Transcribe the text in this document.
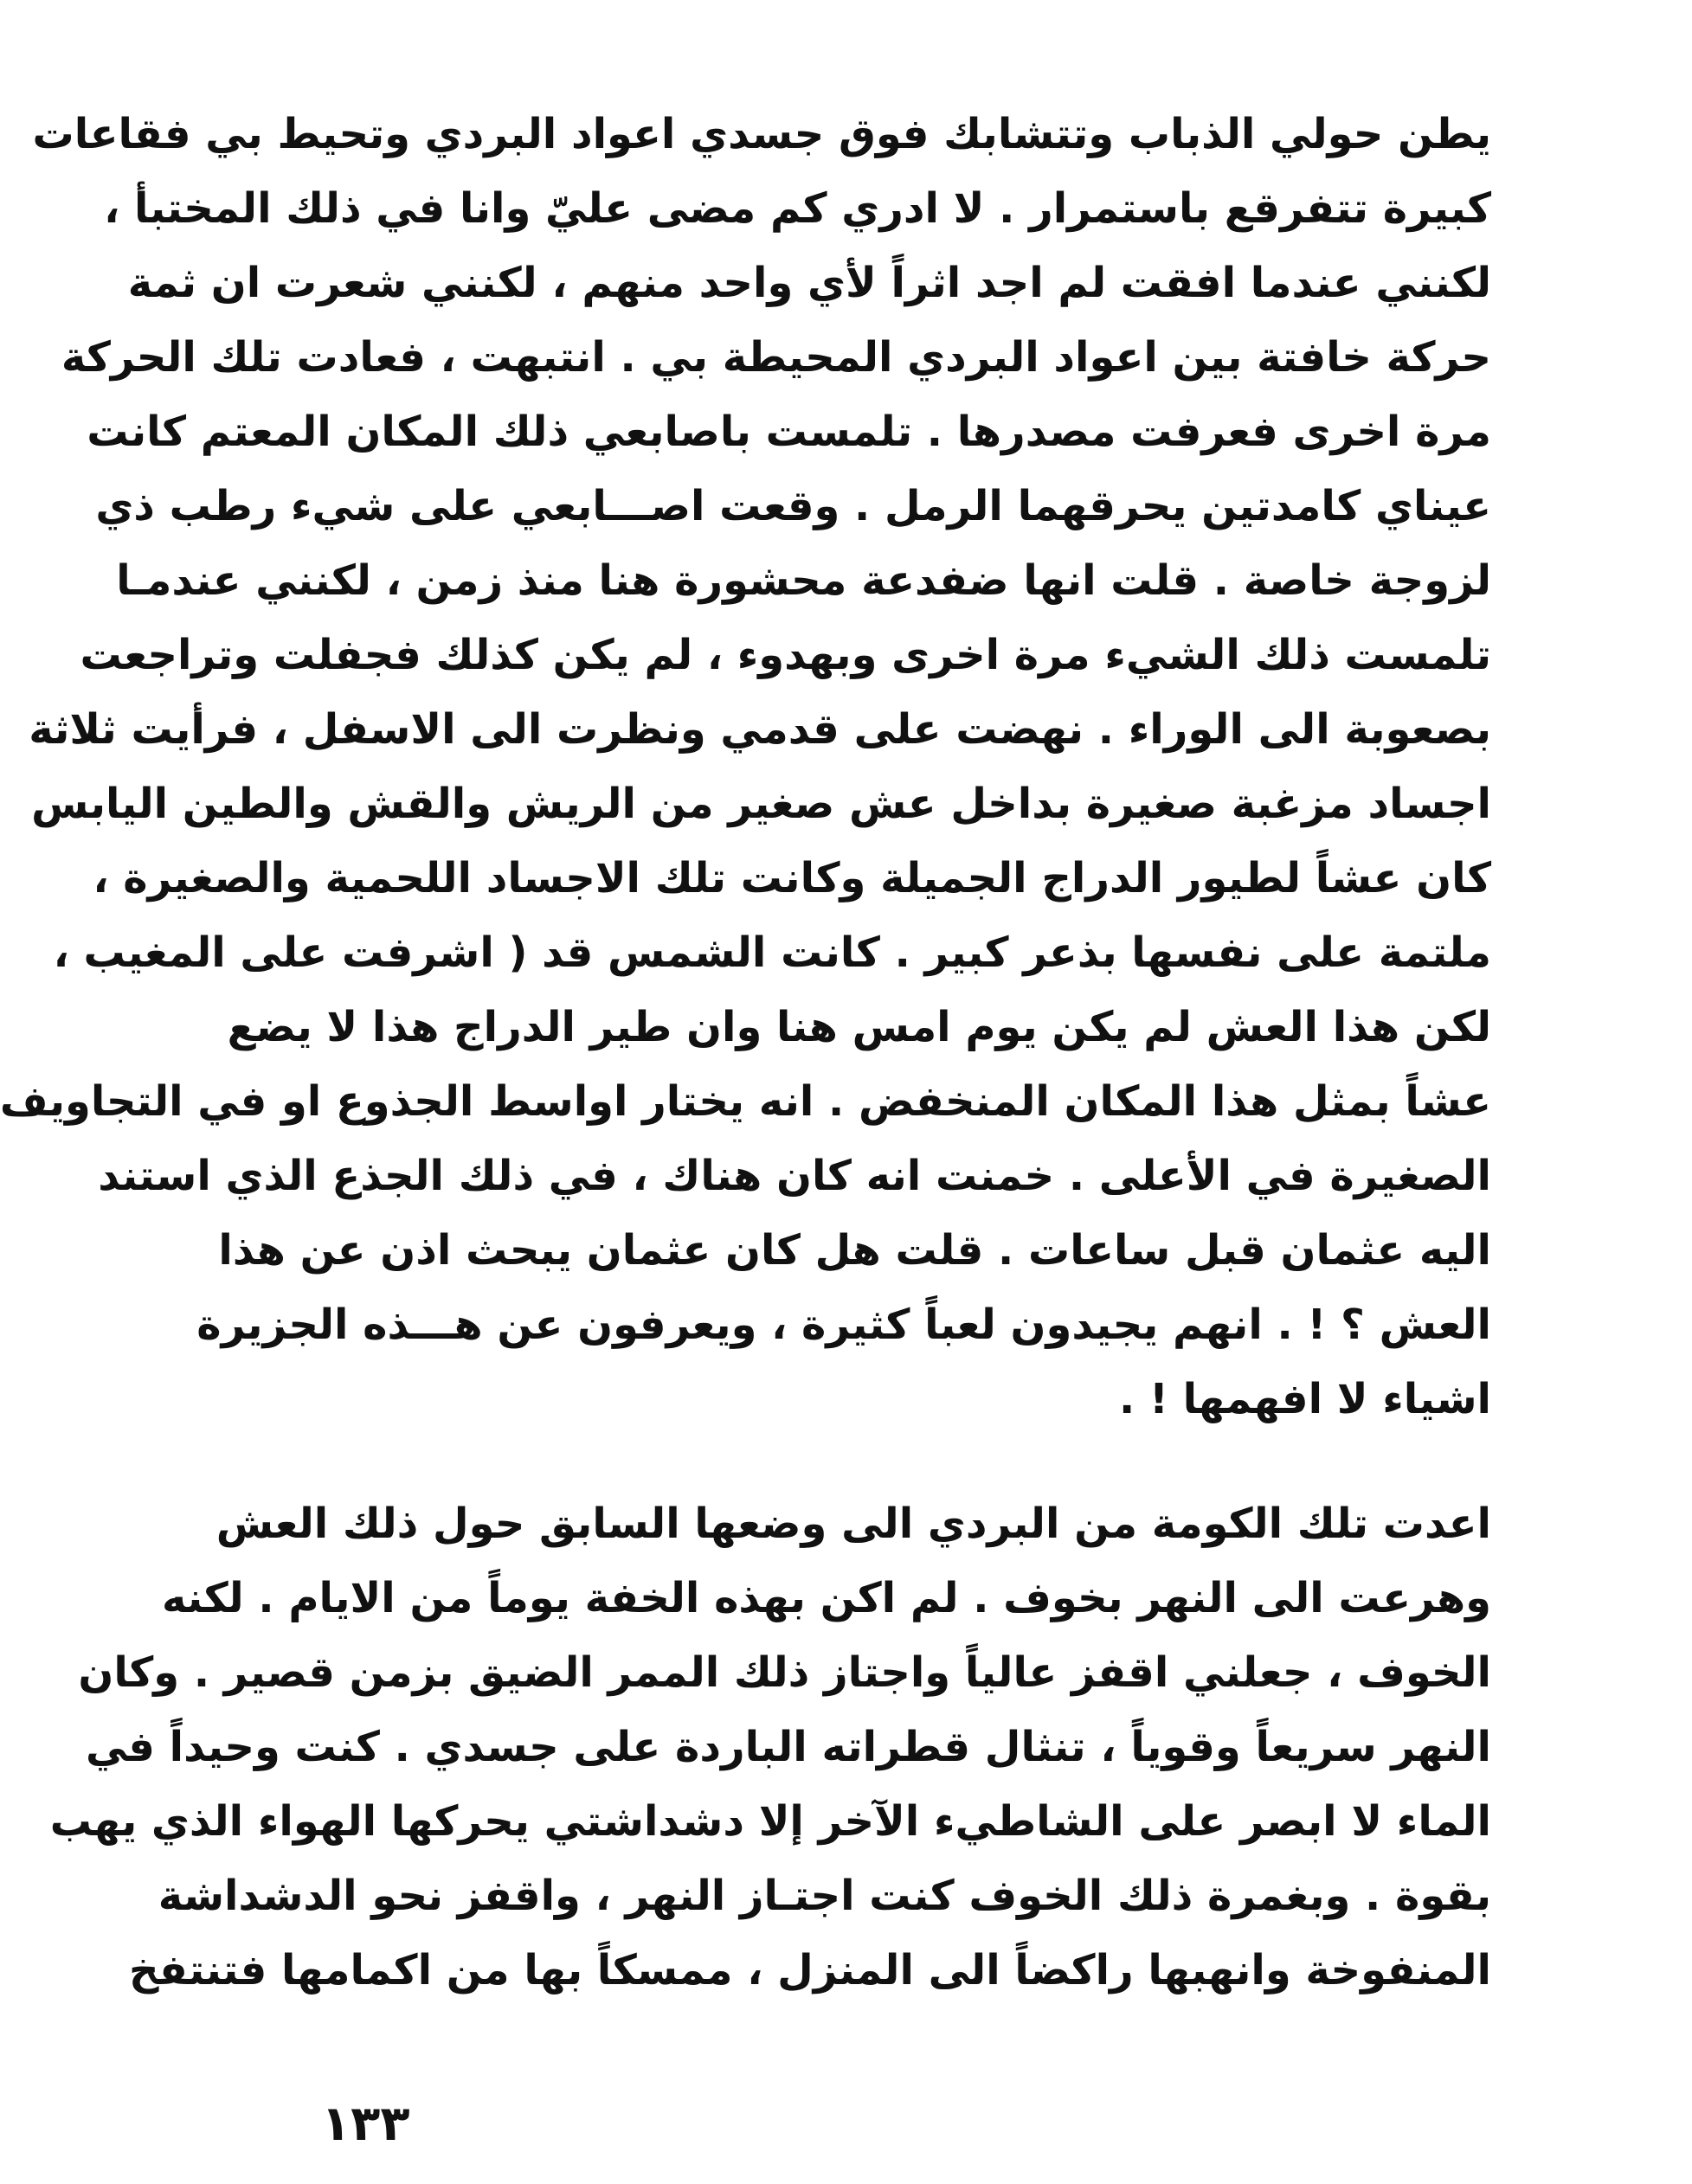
يطن حولي الذباب وتتشابك فوق جسدي اعواد البردي وتحيط بي فقاعات
كبيرة تتفرقع باستمرار . لا ادري كم مضى عليّ وانا في ذلك المختبأ ،
لكنني عندما افقت لم اجد اثراً لأي واحد منهم ، لكنني شعرت ان ثمة
حركة خافتة بين اعواد البردي المحيطة بي . انتبهت ، فعادت تلك الحركة
مرة اخرى فعرفت مصدرها . تلمست باصابعي ذلك المكان المعتم كانت
عيناي كامدتين يحرقهما الرمل . وقعت اصـــابعي على شيء رطب ذي
لزوجة خاصة . قلت انها ضفدعة محشورة هنا منذ زمن ، لكنني عندمـا
تلمست ذلك الشيء مرة اخرى وبهدوء ، لم يكن كذلك فجفلت وتراجعت
بصعوبة الى الوراء . نهضت على قدمي ونظرت الى الاسفل ، فرأيت ثلاثة
اجساد مزغبة صغيرة بداخل عش صغير من الريش والقش والطين اليابس
كان عشاً لطيور الدراج الجميلة وكانت تلك الاجساد اللحمية والصغيرة ،
ملتمة على نفسها بذعر كبير . كانت الشمس قد ( اشرفت على المغيب ،
لكن هذا العش لم يكن يوم امس هنا وان طير الدراج هذا لا يضع
عشاً بمثل هذا المكان المنخفض . انه يختار اواسط الجذوع او في التجاويف
الصغيرة في الأعلى . خمنت انه كان هناك ، في ذلك الجذع الذي استند
اليه عثمان قبل ساعات . قلت هل كان عثمان يبحث اذن عن هذا
العش ؟ ! . انهم يجيدون لعباً كثيرة ، ويعرفون عن هـــذه الجزيرة
اشياء لا افهمها ! .
اعدت تلك الكومة من البردي الى وضعها السابق حول ذلك العش
وهرعت الى النهر بخوف . لم اكن بهذه الخفة يوماً من الايام . لكنه
الخوف ، جعلني اقفز عالياً واجتاز ذلك الممر الضيق بزمن قصير . وكان
النهر سريعاً وقوياً ، تنثال قطراته الباردة على جسدي . كنت وحيداً في
الماء لا ابصر على الشاطيء الآخر إلا دشداشتي يحركها الهواء الذي يهب
بقوة . وبغمرة ذلك الخوف كنت اجتـاز النهر ، واقفز نحو الدشداشة
المنفوخة وانهبها راكضاً الى المنزل ، ممسكاً بها من اكمامها فتنتفخ
١٣٣
